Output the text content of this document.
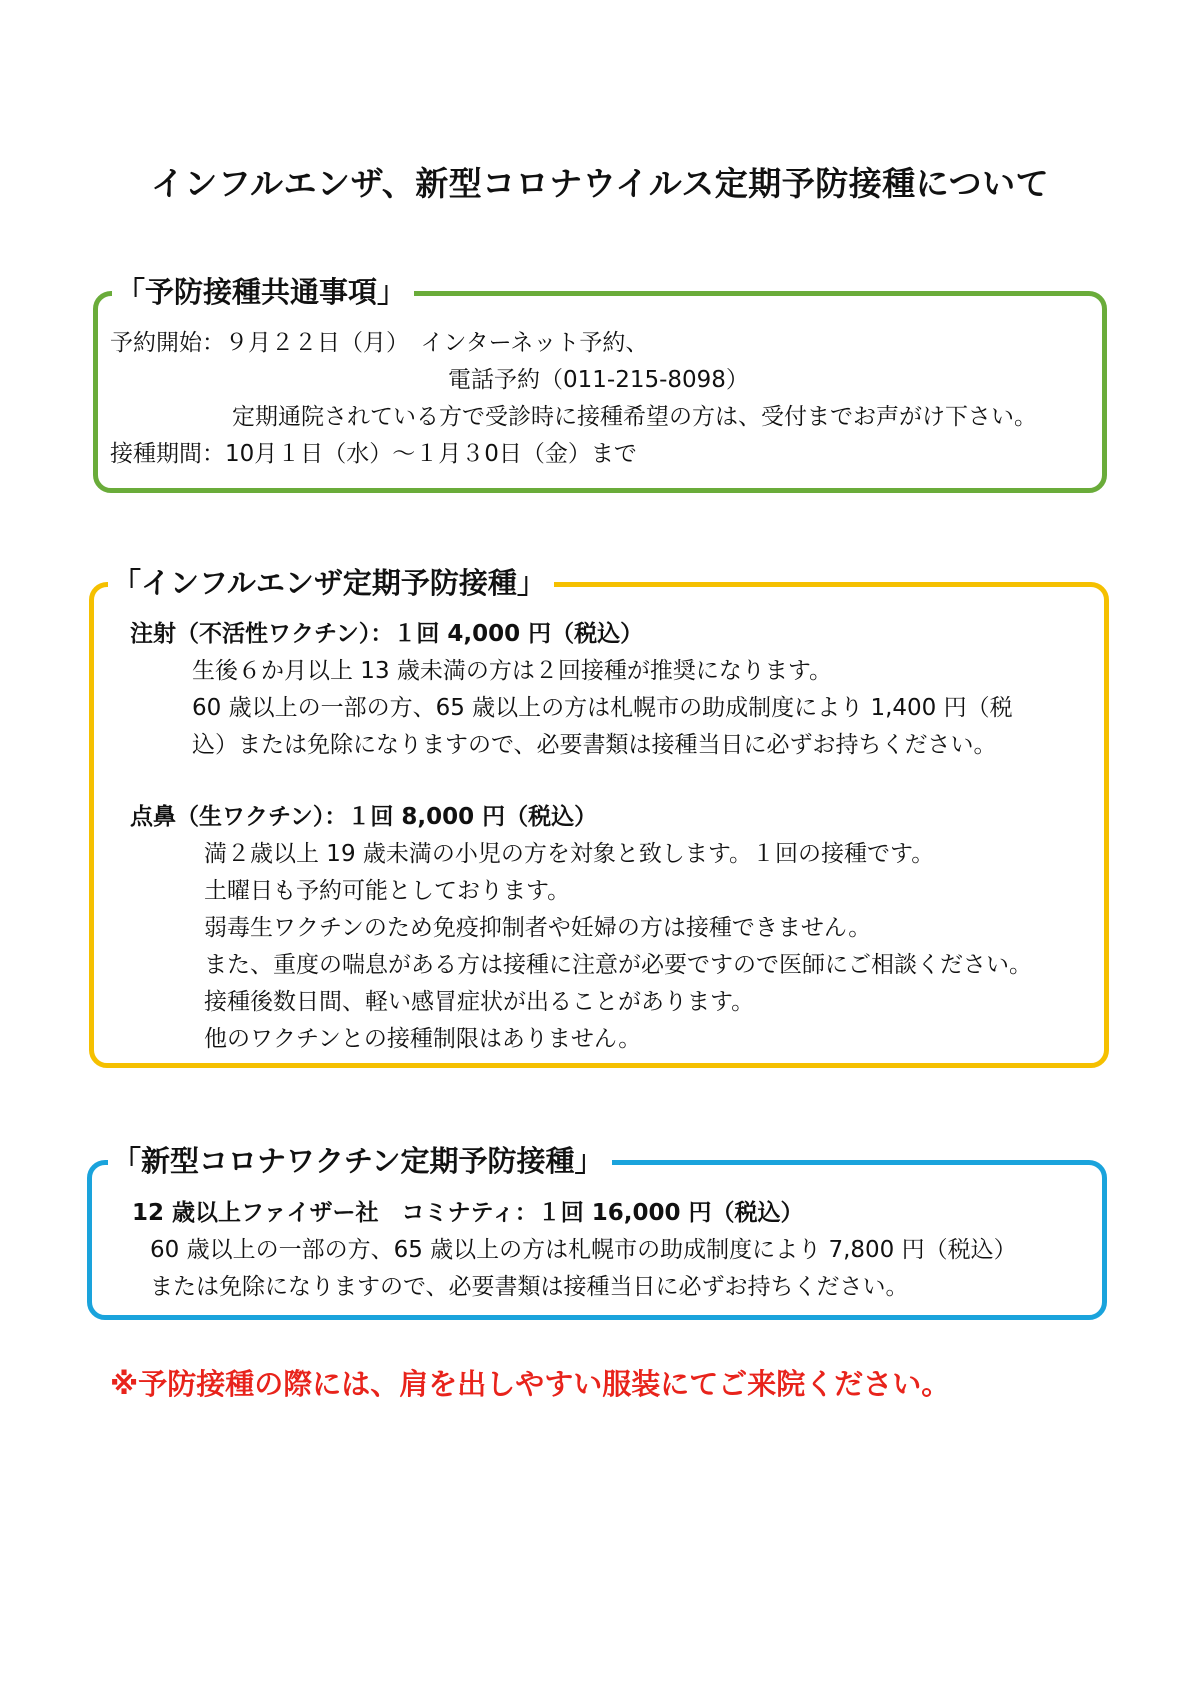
インフルエンザ、新型コロナウイルス定期予防接種について
「予防接種共通事項」
予約開始：９月２２日（月）　インターネット予約、
電話予約（011-215-8098）
定期通院されている方で受診時に接種希望の方は、受付までお声がけ下さい。
接種期間：10月１日（水）～１月３0日（金）まで
「インフルエンザ定期予防接種」
注射（不活性ワクチン）：１回 4,000 円（税込）
生後６か月以上 13 歳未満の方は２回接種が推奨になります。
60 歳以上の一部の方、65 歳以上の方は札幌市の助成制度により 1,400 円（税
込）または免除になりますので、必要書類は接種当日に必ずお持ちください。
点鼻（生ワクチン）：１回 8,000 円（税込）
満２歳以上 19 歳未満の小児の方を対象と致します。１回の接種です。
土曜日も予約可能としております。
弱毒生ワクチンのため免疫抑制者や妊婦の方は接種できません。
また、重度の喘息がある方は接種に注意が必要ですので医師にご相談ください。
接種後数日間、軽い感冒症状が出ることがあります。
他のワクチンとの接種制限はありません。
「新型コロナワクチン定期予防接種」
12 歳以上ファイザー社　コミナティ：１回 16,000 円（税込）
60 歳以上の一部の方、65 歳以上の方は札幌市の助成制度により 7,800 円（税込）
または免除になりますので、必要書類は接種当日に必ずお持ちください。
※予防接種の際には、肩を出しやすい服装にてご来院ください。
